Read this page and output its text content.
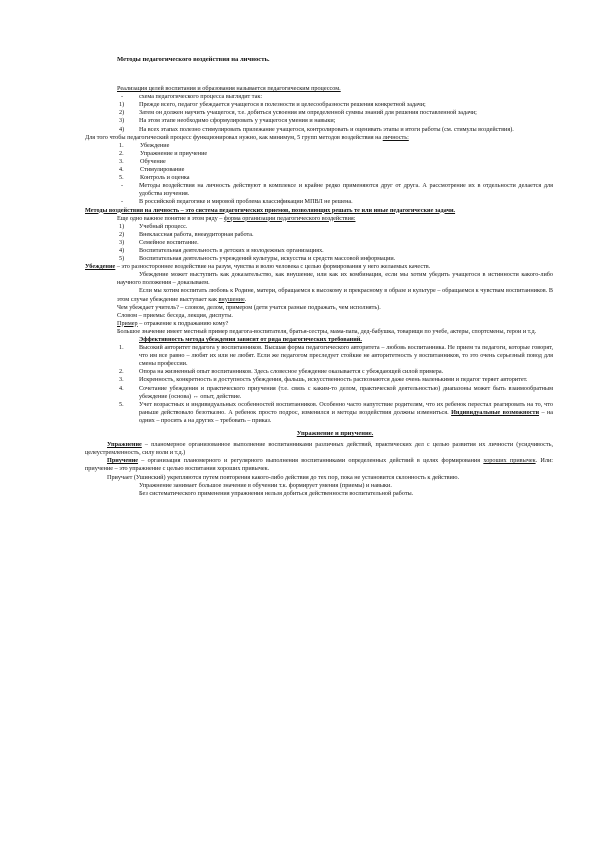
Методы педагогического воздействия на личность.

Реализация целей воспитания и образования называется педагогическим процессом.

- схема педагогического процесса выглядит так:
1) Прежде всего, педагог убеждается учащегося в полезности и целесообразности решения конкретной задачи;
2) Затем он должен научить учащегося, т.е. добиться усвоения им определенной суммы знаний для решения поставленной задачи;
3) На этом этапе необходимо сформулировать у учащегося умения и навыки;
4) На всех этапах полезно стимулировать прилежание учащегося, контролировать и оценивать этапы и итоги работы (см. стимулы воздействия).

Для того чтобы педагогический процесс функционировал нужно, как минимум, 5 групп методов воздействия на личность:

1.	Убеждение
2.	Упражнение и приучение
3.	Обучение
4.	Стимулирование
5.	Контроль и оценка
- Методы воздействия на личность действуют в комплексе и крайне редко применяются друг от друга. А рассмотрение их в отдельности делается для удобства изучения.
- В российской педагогике и мировой проблема классификации МПВЛ не решена.

Методы воздействия на личность – это система педагогических приемов, позволяющих решать те или иные педагогические задачи.

Еще одно важное понятие в этом ряду – форма организации педагогического воздействия:

1) Учебный процесс.
2) Внеклассная работа, внеаудиторная работа.
3) Семейное воспитание.
4) Воспитательная деятельность в детских и молодежных организациях.
5) Воспитательная деятельность учреждений культуры, искусства и средств массовой информации.

Убеждение – это разностороннее воздействие на разум, чувства и волю человека с целью формирования у него желаемых качеств.

Убеждение может выступить как доказательство, как внушение, или как их комбинация, если мы хотим убедить учащегося в истинности какого-либо научного положения – доказываем.

Если мы хотим воспитать любовь к Родине, матери, обращаемся к высокому и прекрасному в образе и культуре – обращаемся к чувствам воспитанников. В этом случае убеждение выступает как внушение.

Чем убеждает учитель? – словом, делом, примером (дети учатся разные подражать, чем исполнять).

Словом – приемы: беседа, лекция, диспуты.

Пример – отражение к подражанию кому?

Большое значение имеет местный пример педагога-воспитателя, братья-сестры, мама-папа, дед-бабушка, товарищи по учебе, актеры, спортсмены, герои и т.д.

Эффективность метода убеждения зависит от ряда педагогических требований.

1. Высокий авторитет педагога у воспитанников. Высшая форма педагогического авторитета – любовь воспитанника. Не прием та педагоги, которые говорят, что им все равно – любят их или не любят. Если же педагогом преследует стойкие не авторитетность у воспитанников, то это очень серьезный повод для смены профессии.
2. Опора на жизненный опыт воспитанников. Здесь словесное убеждение оказывается с убеждающей силой примера.
3. Искренность, конкретность и доступность убеждения, фальшь, искусственность распознаются даже очень маленькими и педагог теряет авторитет.
4. Сочетание убеждения и практического приучения (т.е. связь с каким-то делом, практической деятельностью) диапазоны может быть взаимообратным убеждение (основа) ↔ опыт, действие.
5. Учет возрастных и индивидуальных особенностей воспитанников. Особенно часто напутствие родителям, что их ребенок перестал реагировать на то, что раньше действовало безотказно. А ребенок просто подрос, изменился и методы воздействия должны измениться. Индивидуальные возможности – на одних – просить а на других – требовать – приказ.

Упражнение и приучение.

Упражнение – планомерное организованное выполнение воспитанниками различных действий, практических дел с целью развития их личности (усидчивость, целеустремленность, силу воли и т.д.)

Приучение – организация планомерного и регулярного выполнения воспитанниками определенных действий в целях формирования хороших привычек. Или: приучение – это упражнение с целью воспитания хороших привычек.

Приучает (Ушинский) укрепляются путем повторения какого-либо действия до тех пор, пока не установится склонность к действию.

Упражнение занимает большое значение в обучении т.к. формирует умения (приемы) и навыки.

Без систематического применения упражнения нельзя добиться действенности воспитательной работы.
